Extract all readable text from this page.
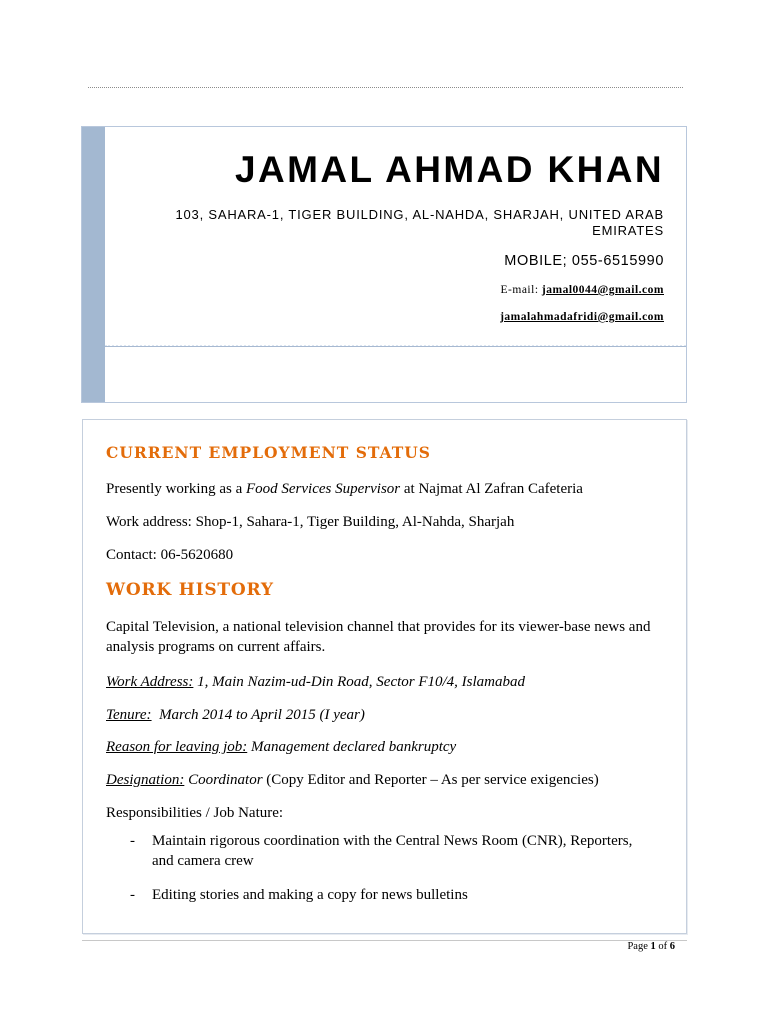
JAMAL AHMAD KHAN

103, SAHARA-1, TIGER BUILDING, AL-NAHDA, SHARJAH, UNITED ARAB EMIRATES

MOBILE; 055-6515990

E-mail: jamal0044@gmail.com

jamalahmadafridi@gmail.com

CURRENT EMPLOYMENT STATUS

Presently working as a Food Services Supervisor at Najmat Al Zafran Cafeteria

Work address: Shop-1, Sahara-1, Tiger Building, Al-Nahda, Sharjah

Contact: 06-5620680

WORK HISTORY

Capital Television, a national television channel that provides for its viewer-base news and analysis programs on current affairs.

Work Address: 1, Main Nazim-ud-Din Road, Sector F10/4, Islamabad

Tenure:  March 2014 to April 2015 (I year)

Reason for leaving job: Management declared bankruptcy

Designation: Coordinator (Copy Editor and Reporter – As per service exigencies)

Responsibilities / Job Nature:

- Maintain rigorous coordination with the Central News Room (CNR), Reporters, and camera crew
- Editing stories and making a copy for news bulletins

Page 1 of 6
